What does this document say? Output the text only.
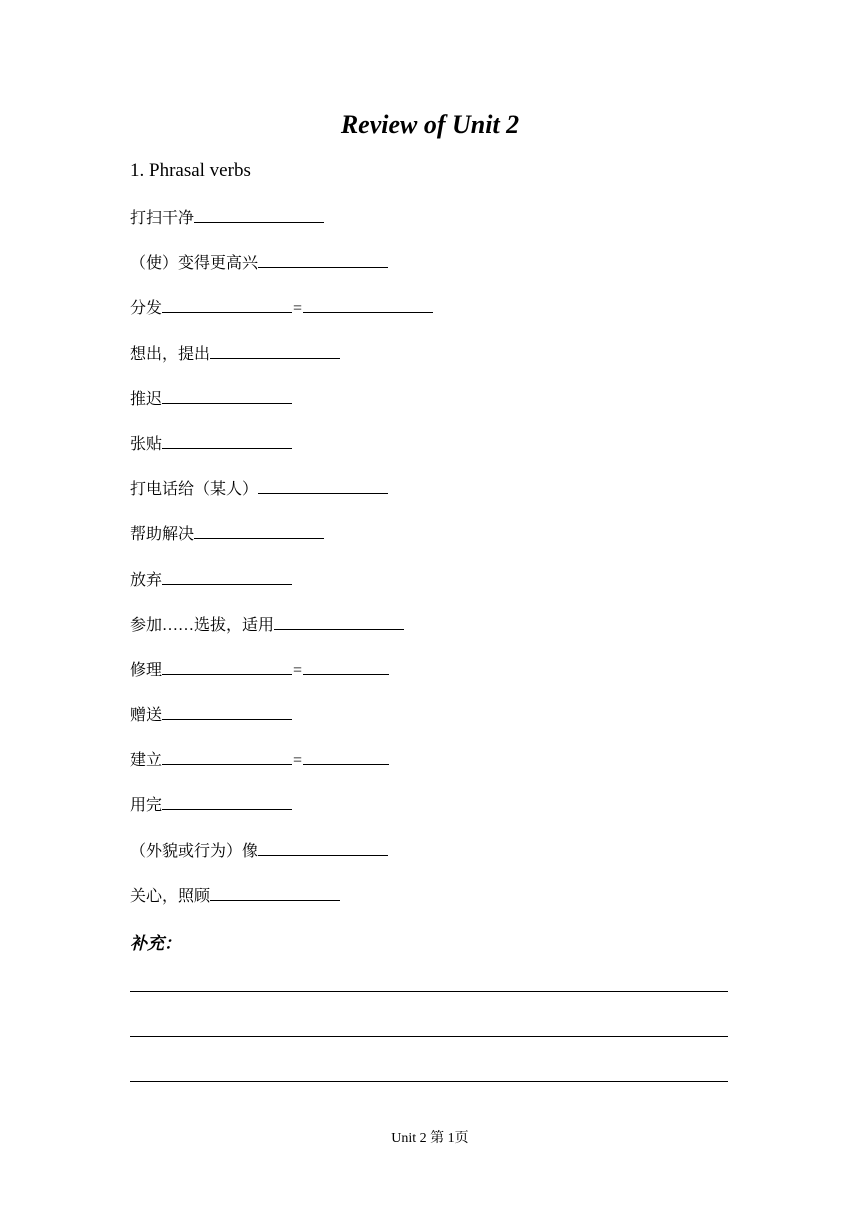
Review of Unit 2
1. Phrasal verbs
打扫干净
（使）变得更高兴
分发	=
想出，提出
推迟
张贴
打电话给（某人）
帮助解决
放弃
参加……选拔，适用
修理	=
赠送
建立	=
用完
（外貌或行为）像
关心，照顾
补充：
Unit 2 第 1页
